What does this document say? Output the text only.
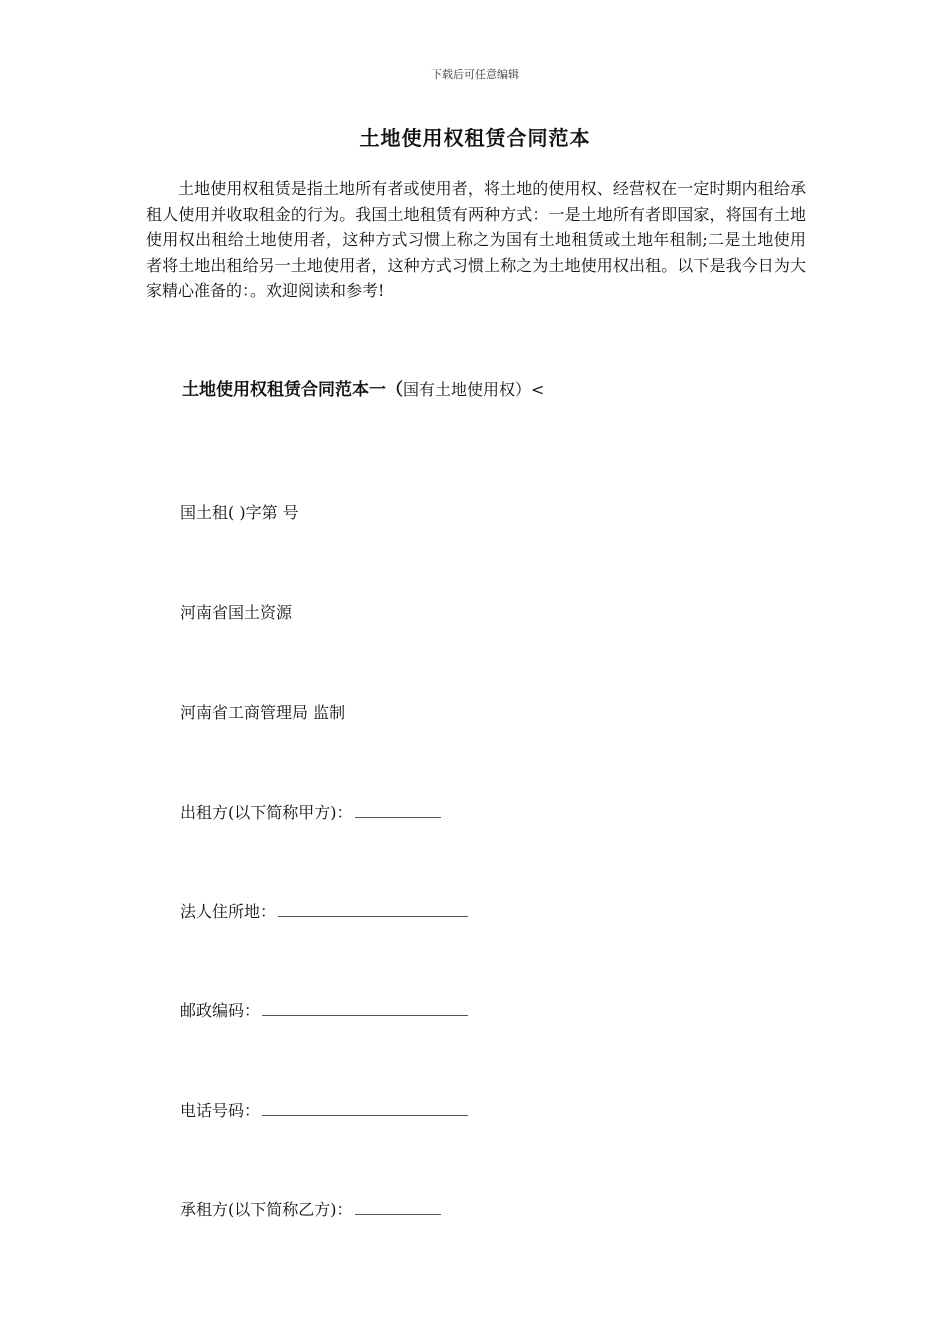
下载后可任意编辑
土地使用权租赁合同范本

土地使用权租赁是指土地所有者或使用者，将土地的使用权、经营权在一定时期内租给承租人使用并收取租金的行为。我国土地租赁有两种方式：一是土地所有者即国家，将国有土地使用权出租给土地使用者，这种方式习惯上称之为国有土地租赁或土地年租制;二是土地使用者将土地出租给另一土地使用者，这种方式习惯上称之为土地使用权出租。以下是我今日为大家精心准备的：。欢迎阅读和参考!

土地使用权租赁合同范本一（国有土地使用权）<
国土租( )字第 号
河南省国土资源
河南省工商管理局 监制
出租方(以下简称甲方)：
法人住所地：
邮政编码：
电话号码：
承租方(以下简称乙方)：
